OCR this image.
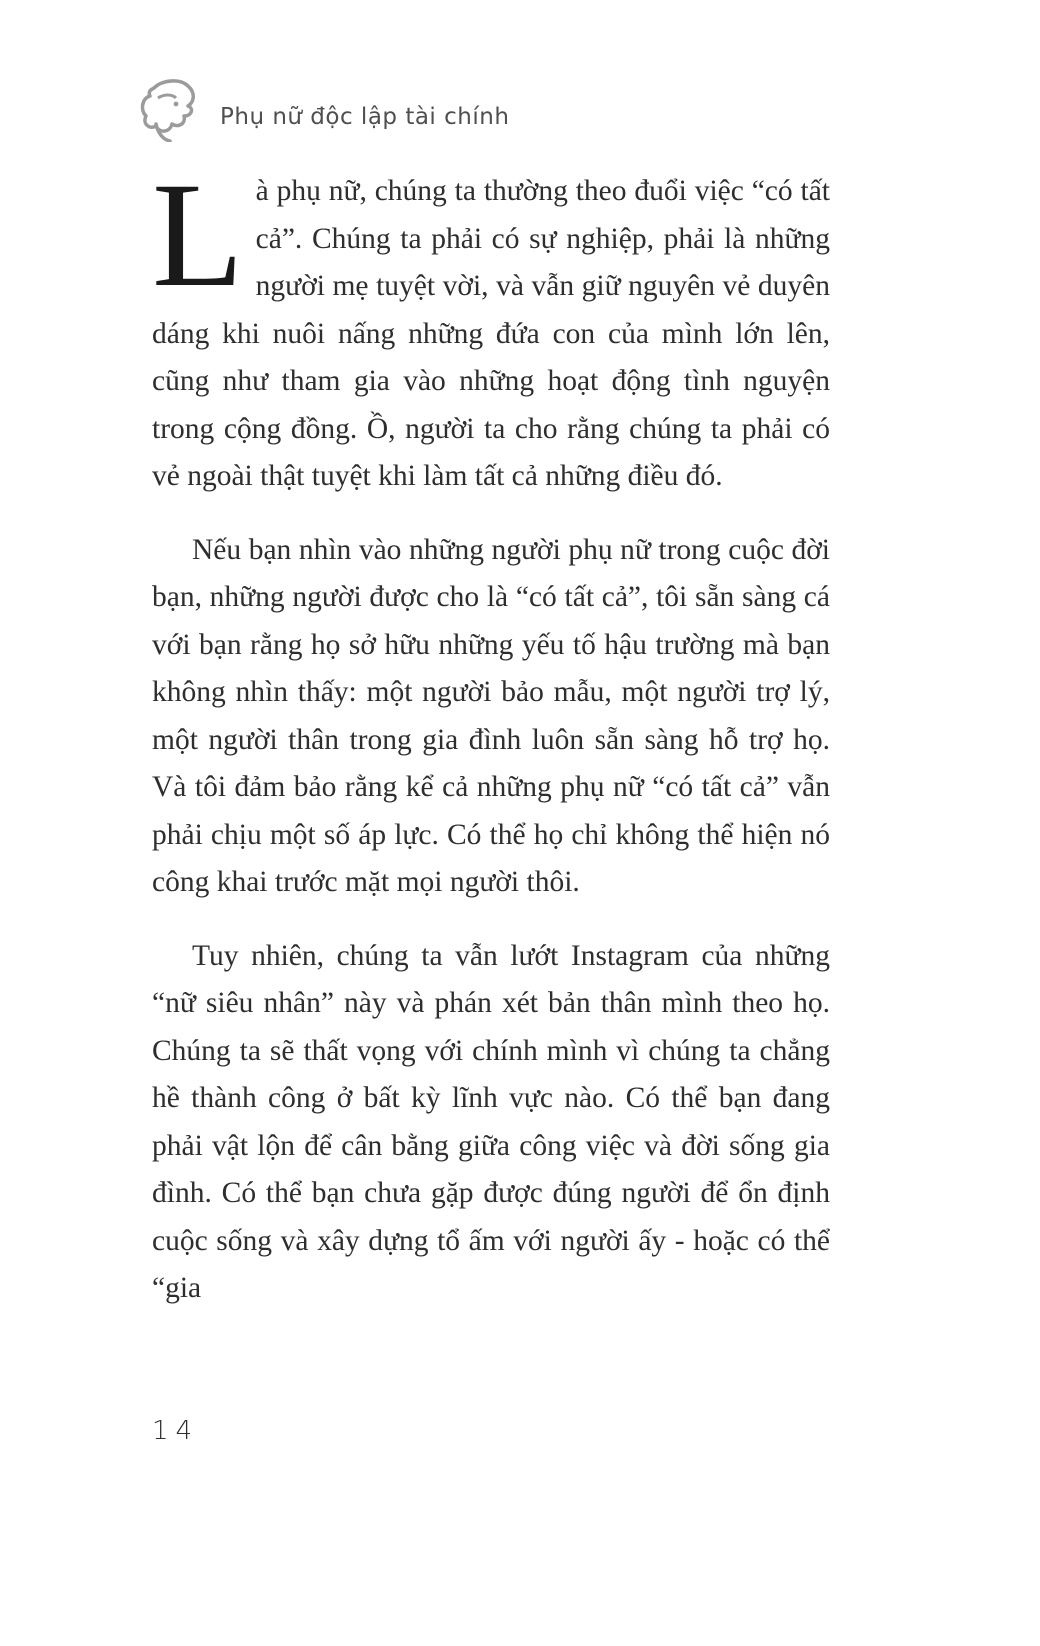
Phụ nữ độc lập tài chính

Là phụ nữ, chúng ta thường theo đuổi việc “có tất cả”. Chúng ta phải có sự nghiệp, phải là những người mẹ tuyệt vời, và vẫn giữ nguyên vẻ duyên dáng khi nuôi nấng những đứa con của mình lớn lên, cũng như tham gia vào những hoạt động tình nguyện trong cộng đồng. Ồ, người ta cho rằng chúng ta phải có vẻ ngoài thật tuyệt khi làm tất cả những điều đó.

Nếu bạn nhìn vào những người phụ nữ trong cuộc đời bạn, những người được cho là “có tất cả”, tôi sẵn sàng cá với bạn rằng họ sở hữu những yếu tố hậu trường mà bạn không nhìn thấy: một người bảo mẫu, một người trợ lý, một người thân trong gia đình luôn sẵn sàng hỗ trợ họ. Và tôi đảm bảo rằng kể cả những phụ nữ “có tất cả” vẫn phải chịu một số áp lực. Có thể họ chỉ không thể hiện nó công khai trước mặt mọi người thôi.

Tuy nhiên, chúng ta vẫn lướt Instagram của những “nữ siêu nhân” này và phán xét bản thân mình theo họ. Chúng ta sẽ thất vọng với chính mình vì chúng ta chẳng hề thành công ở bất kỳ lĩnh vực nào. Có thể bạn đang phải vật lộn để cân bằng giữa công việc và đời sống gia đình. Có thể bạn chưa gặp được đúng người để ổn định cuộc sống và xây dựng tổ ấm với người ấy - hoặc có thể “gia

14
